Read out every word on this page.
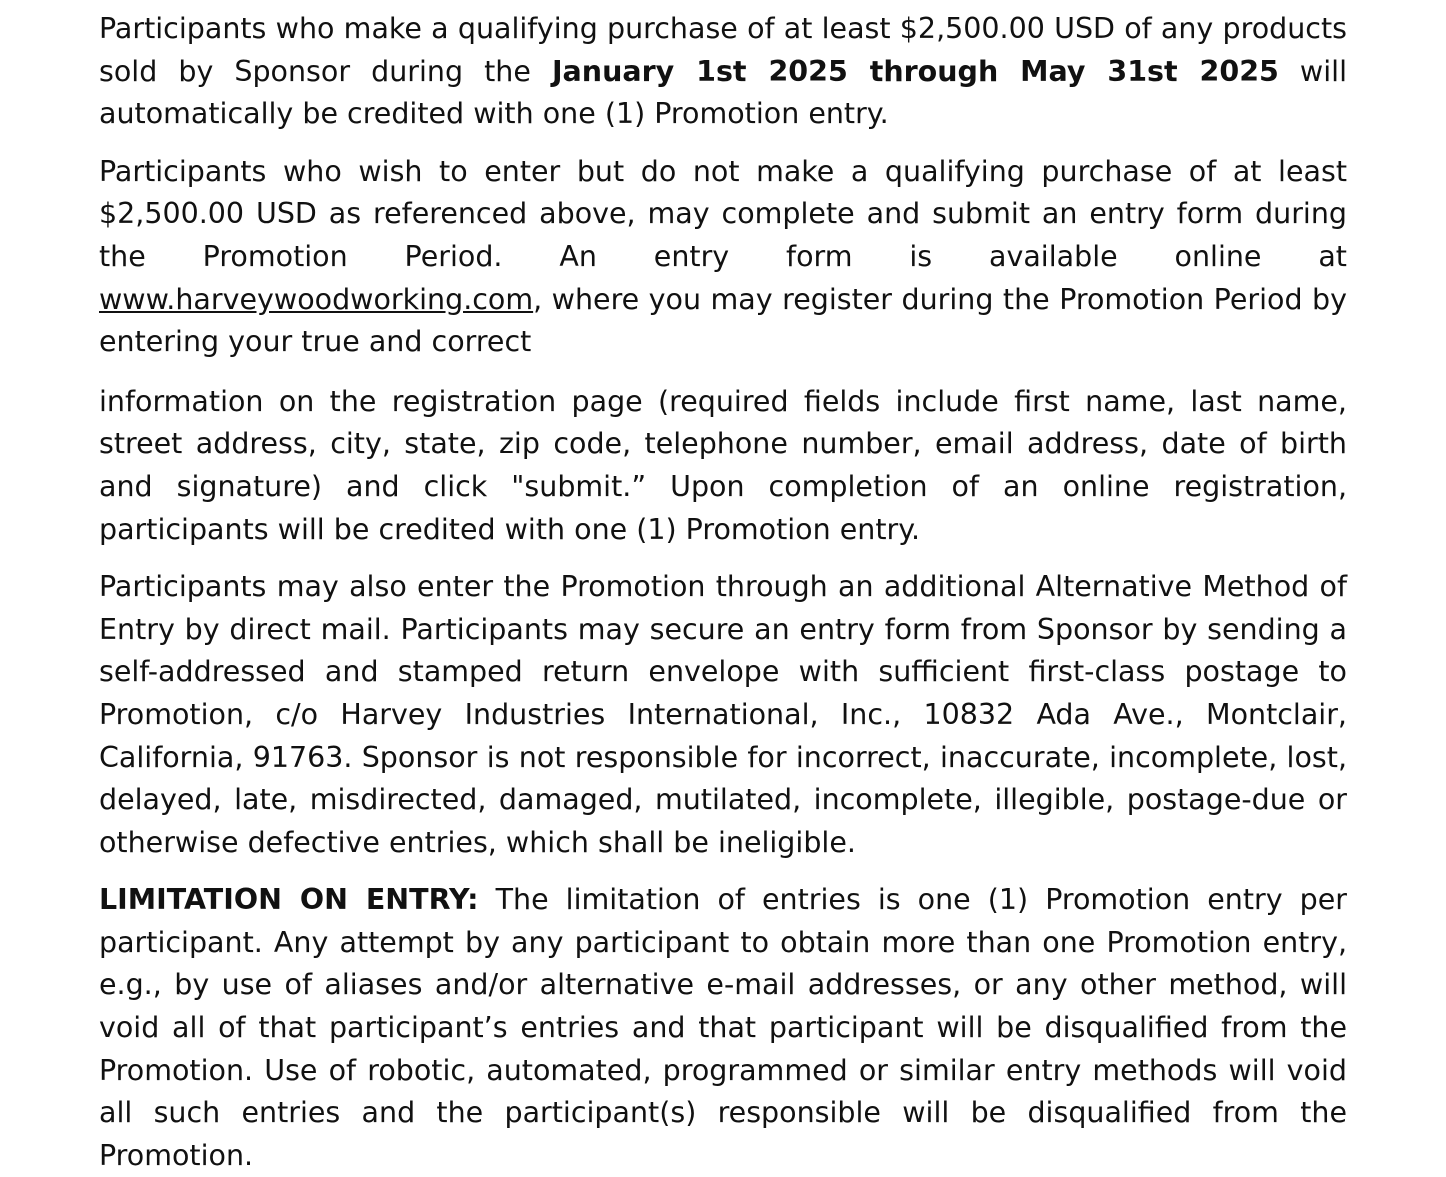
Participants who make a qualifying purchase of at least $2,500.00 USD of any products sold by Sponsor during the January 1st 2025 through May 31st 2025 will automatically be credited with one (1) Promotion entry.

Participants who wish to enter but do not make a qualifying purchase of at least $2,500.00 USD as referenced above, may complete and submit an entry form during the Promotion Period. An entry form is available online at www.harveywoodworking.com, where you may register during the Promotion Period by entering your true and correct

information on the registration page (required fields include first name, last name, street address, city, state, zip code, telephone number, email address, date of birth and signature) and click "submit.” Upon completion of an online registration, participants will be credited with one (1) Promotion entry.

Participants may also enter the Promotion through an additional Alternative Method of Entry by direct mail. Participants may secure an entry form from Sponsor by sending a self-addressed and stamped return envelope with sufficient first-class postage to Promotion, c/o Harvey Industries International, Inc., 10832 Ada Ave., Montclair, California, 91763. Sponsor is not responsible for incorrect, inaccurate, incomplete, lost, delayed, late, misdirected, damaged, mutilated, incomplete, illegible, postage-due or otherwise defective entries, which shall be ineligible.

LIMITATION ON ENTRY: The limitation of entries is one (1) Promotion entry per participant. Any attempt by any participant to obtain more than one Promotion entry, e.g., by use of aliases and/or alternative e-mail addresses, or any other method, will void all of that participant’s entries and that participant will be disqualified from the Promotion. Use of robotic, automated, programmed or similar entry methods will void all such entries and the participant(s) responsible will be disqualified from the Promotion.
